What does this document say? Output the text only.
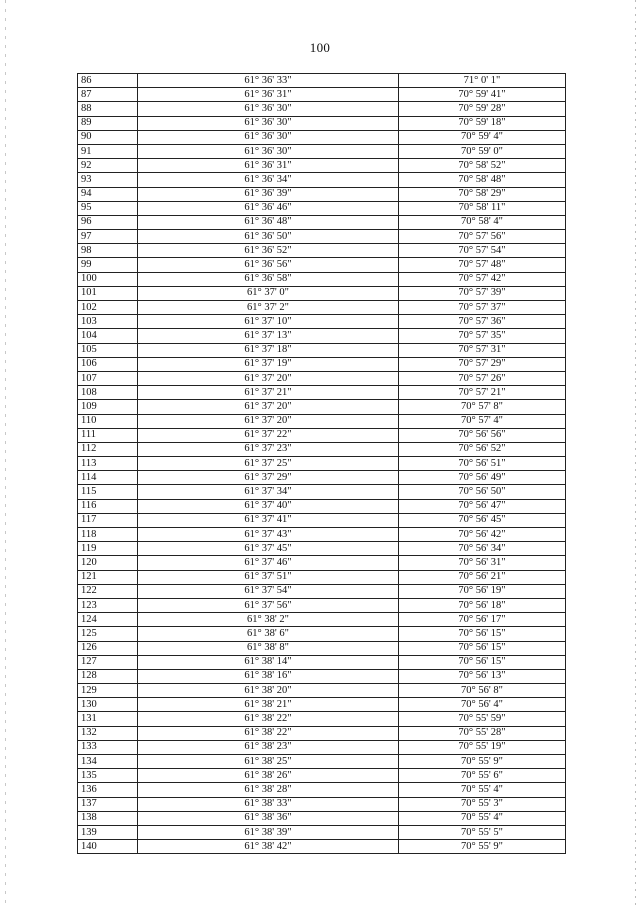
100
86	61° 36' 33"	71° 0' 1"
87	61° 36' 31"	70° 59' 41"
88	61° 36' 30"	70° 59' 28"
89	61° 36' 30"	70° 59' 18"
90	61° 36' 30"	70° 59' 4"
91	61° 36' 30"	70° 59' 0"
92	61° 36' 31"	70° 58' 52"
93	61° 36' 34"	70° 58' 48"
94	61° 36' 39"	70° 58' 29"
95	61° 36' 46"	70° 58' 11"
96	61° 36' 48"	70° 58' 4"
97	61° 36' 50"	70° 57' 56"
98	61° 36' 52"	70° 57' 54"
99	61° 36' 56"	70° 57' 48"
100	61° 36' 58"	70° 57' 42"
101	61° 37' 0"	70° 57' 39"
102	61° 37' 2"	70° 57' 37"
103	61° 37' 10"	70° 57' 36"
104	61° 37' 13"	70° 57' 35"
105	61° 37' 18"	70° 57' 31"
106	61° 37' 19"	70° 57' 29"
107	61° 37' 20"	70° 57' 26"
108	61° 37' 21"	70° 57' 21"
109	61° 37' 20"	70° 57' 8"
110	61° 37' 20"	70° 57' 4"
111	61° 37' 22"	70° 56' 56"
112	61° 37' 23"	70° 56' 52"
113	61° 37' 25"	70° 56' 51"
114	61° 37' 29"	70° 56' 49"
115	61° 37' 34"	70° 56' 50"
116	61° 37' 40"	70° 56' 47"
117	61° 37' 41"	70° 56' 45"
118	61° 37' 43"	70° 56' 42"
119	61° 37' 45"	70° 56' 34"
120	61° 37' 46"	70° 56' 31"
121	61° 37' 51"	70° 56' 21"
122	61° 37' 54"	70° 56' 19"
123	61° 37' 56"	70° 56' 18"
124	61° 38' 2"	70° 56' 17"
125	61° 38' 6"	70° 56' 15"
126	61° 38' 8"	70° 56' 15"
127	61° 38' 14"	70° 56' 15"
128	61° 38' 16"	70° 56' 13"
129	61° 38' 20"	70° 56' 8"
130	61° 38' 21"	70° 56' 4"
131	61° 38' 22"	70° 55' 59"
132	61° 38' 22"	70° 55' 28"
133	61° 38' 23"	70° 55' 19"
134	61° 38' 25"	70° 55' 9"
135	61° 38' 26"	70° 55' 6"
136	61° 38' 28"	70° 55' 4"
137	61° 38' 33"	70° 55' 3"
138	61° 38' 36"	70° 55' 4"
139	61° 38' 39"	70° 55' 5"
140	61° 38' 42"	70° 55' 9"
